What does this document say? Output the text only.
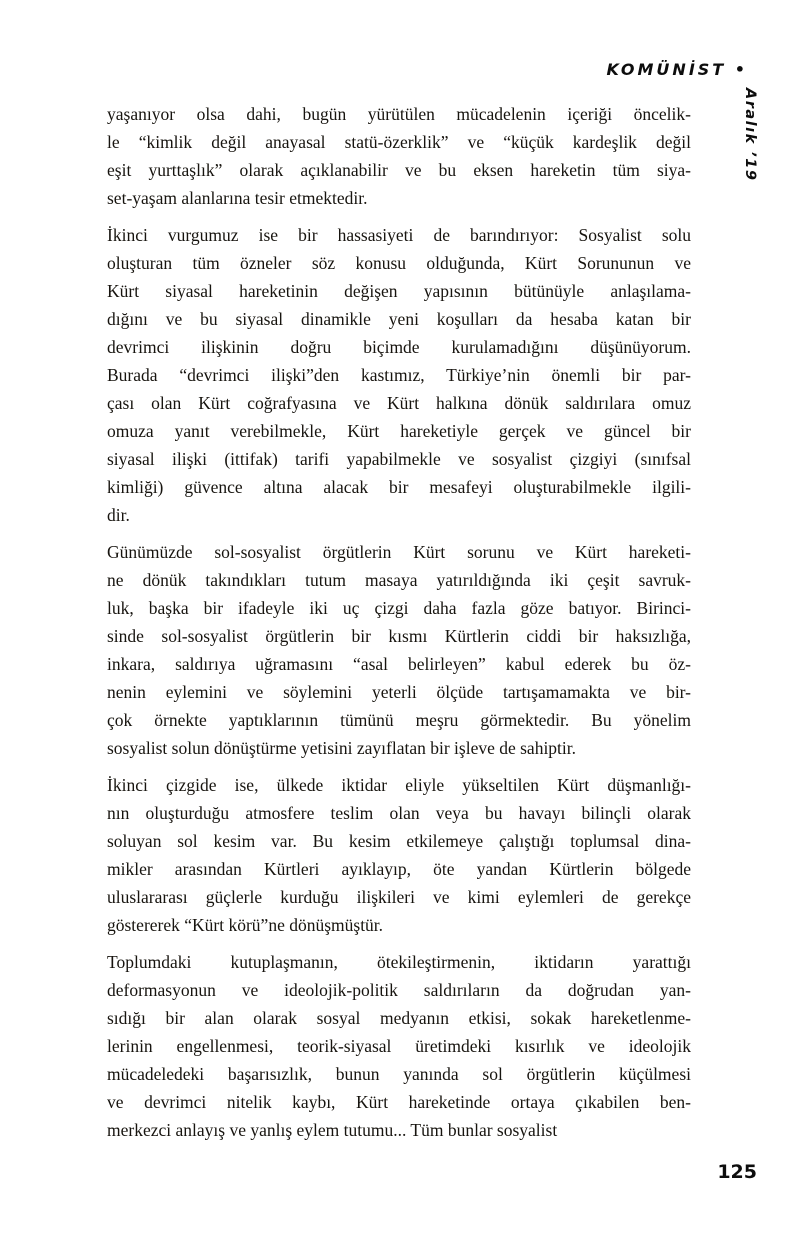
KOMÜNİST •
Aralık ’19

yaşanıyor olsa dahi, bugün yürütülen mücadelenin içeriği öncelik-
le “kimlik değil anayasal statü-özerklik” ve “küçük kardeşlik değil
eşit yurttaşlık” olarak açıklanabilir ve bu eksen hareketin tüm siya-
set-yaşam alanlarına tesir etmektedir.

İkinci vurgumuz ise bir hassasiyeti de barındırıyor: Sosyalist solu
oluşturan tüm özneler söz konusu olduğunda, Kürt Sorununun ve
Kürt siyasal hareketinin değişen yapısının bütünüyle anlaşılama-
dığını ve bu siyasal dinamikle yeni koşulları da hesaba katan bir
devrimci ilişkinin doğru biçimde kurulamadığını düşünüyorum.
Burada “devrimci ilişki”den kastımız, Türkiye’nin önemli bir par-
çası olan Kürt coğrafyasına ve Kürt halkına dönük saldırılara omuz
omuza yanıt verebilmekle, Kürt hareketiyle gerçek ve güncel bir
siyasal ilişki (ittifak) tarifi yapabilmekle ve sosyalist çizgiyi (sınıfsal
kimliği) güvence altına alacak bir mesafeyi oluşturabilmekle ilgili-
dir.

Günümüzde sol-sosyalist örgütlerin Kürt sorunu ve Kürt hareketi-
ne dönük takındıkları tutum masaya yatırıldığında iki çeşit savruk-
luk, başka bir ifadeyle iki uç çizgi daha fazla göze batıyor. Birinci-
sinde sol-sosyalist örgütlerin bir kısmı Kürtlerin ciddi bir haksızlığa,
inkara, saldırıya uğramasını “asal belirleyen” kabul ederek bu öz-
nenin eylemini ve söylemini yeterli ölçüde tartışamamakta ve bir-
çok örnekte yaptıklarının tümünü meşru görmektedir. Bu yönelim
sosyalist solun dönüştürme yetisini zayıflatan bir işleve de sahiptir.

İkinci çizgide ise, ülkede iktidar eliyle yükseltilen Kürt düşmanlığı-
nın oluşturduğu atmosfere teslim olan veya bu havayı bilinçli olarak
soluyan sol kesim var. Bu kesim etkilemeye çalıştığı toplumsal dina-
mikler arasından Kürtleri ayıklayıp, öte yandan Kürtlerin bölgede
uluslararası güçlerle kurduğu ilişkileri ve kimi eylemleri de gerekçe
göstererek “Kürt körü”ne dönüşmüştür.

Toplumdaki kutuplaşmanın, ötekileştirmenin, iktidarın yarattığı
deformasyonun ve ideolojik-politik saldırıların da doğrudan yan-
sıdığı bir alan olarak sosyal medyanın etkisi, sokak hareketlenme-
lerinin engellenmesi, teorik-siyasal üretimdeki kısırlık ve ideolojik
mücadeledeki başarısızlık, bunun yanında sol örgütlerin küçülmesi
ve devrimci nitelik kaybı, Kürt hareketinde ortaya çıkabilen ben-
merkezci anlayış ve yanlış eylem tutumu... Tüm bunlar sosyalist

125
